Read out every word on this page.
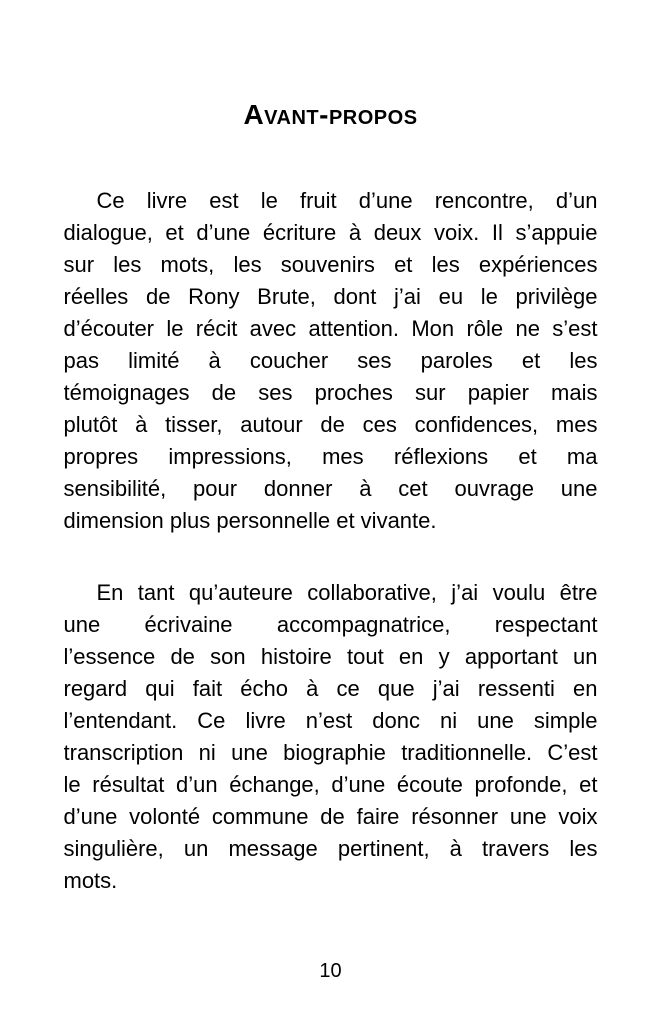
Avant-propos
Ce livre est le fruit d’une rencontre, d’un
dialogue, et d’une écriture à deux voix. Il s’appuie
sur les mots, les souvenirs et les expériences
réelles de Rony Brute, dont j’ai eu le privilège
d’écouter le récit avec attention. Mon rôle ne s’est
pas limité à coucher ses paroles et les
témoignages de ses proches sur papier mais
plutôt à tisser, autour de ces confidences, mes
propres impressions, mes réflexions et ma
sensibilité, pour donner à cet ouvrage une
dimension plus personnelle et vivante.
En tant qu’auteure collaborative, j’ai voulu être
une écrivaine accompagnatrice, respectant
l’essence de son histoire tout en y apportant un
regard qui fait écho à ce que j’ai ressenti en
l’entendant. Ce livre n’est donc ni une simple
transcription ni une biographie traditionnelle. C’est
le résultat d’un échange, d’une écoute profonde, et
d’une volonté commune de faire résonner une voix
singulière, un message pertinent, à travers les
mots.
10
